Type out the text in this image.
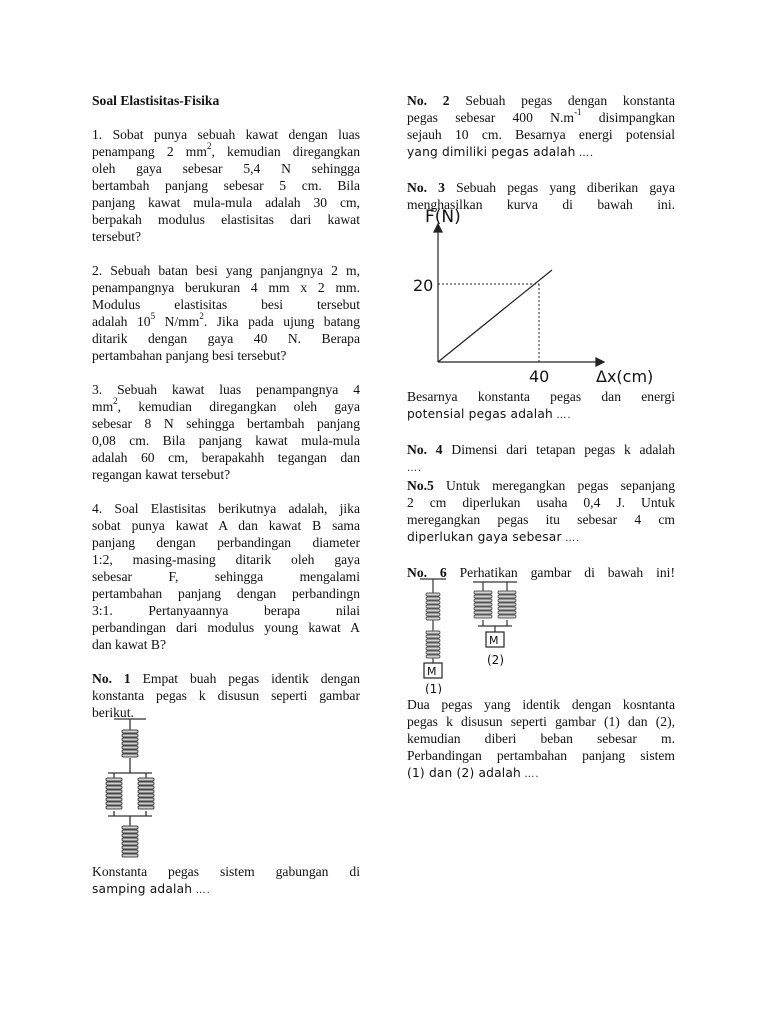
Soal Elastisitas-Fisika

1. Sobat punya sebuah kawat dengan luas

penampang 2 $mm^2$, kemudian diregangkan

oleh gaya sebesar 5,4 N sehingga

bertambah panjang sebesar 5 cm. Bila

panjang kawat mula-mula adalah 30 cm,

berpakah modulus elastisitas dari kawat

tersebut?

2. Sebuah batan besi yang panjangnya 2 m,

penampangnya berukuran 4 mm x 2 mm.

Modulus elastisitas besi tersebut

adalah $10^5$ $N/mm^2$. Jika pada ujung batang

ditarik dengan gaya 40 N. Berapa

pertambahan panjang besi tersebut?

3. Sebuah kawat luas penampangnya 4

$mm^2$, kemudian diregangkan oleh gaya

sebesar 8 N sehingga bertambah panjang

0,08 cm. Bila panjang kawat mula-mula

adalah 60 cm, berapakahh tegangan dan

regangan kawat tersebut?

4. Soal Elastisitas berikutnya adalah, jika

sobat punya kawat A dan kawat B sama

panjang dengan perbandingan diameter

1:2, masing-masing ditarik oleh gaya

sebesar F, sehingga mengalami

pertambahan panjang dengan perbandingn

3:1. Pertanyaannya berapa nilai

perbandingan dari modulus young kawat A

dan kawat B?

No. 1 Empat buah pegas identik dengan

konstanta pegas k disusun seperti gambar

berikut.

Konstanta pegas sistem gabungan di

samping adalah ….

No. 2 Sebuah pegas dengan konstanta

pegas sebesar 400 $N.m^{-1}$ disimpangkan

sejauh 10 cm. Besarnya energi potensial

yang dimiliki pegas adalah ….

No. 3 Sebuah pegas yang diberikan gaya

menghasilkan kurva di bawah ini.

F(N)
20
40	Δx(cm)

Besarnya konstanta pegas dan energi

potensial pegas adalah ….

No. 4 Dimensi dari tetapan pegas k adalah

….

No.5 Untuk meregangkan pegas sepanjang

2 cm diperlukan usaha 0,4 J. Untuk

meregangkan pegas itu sebesar 4 cm

diperlukan gaya sebesar ….

No. 6 Perhatikan gambar di bawah ini!

M
M
(1)
(2)

Dua pegas yang identik dengan kosntanta

pegas k disusun seperti gambar (1) dan (2),

kemudian diberi beban sebesar m.

Perbandingan pertambahan panjang sistem

(1) dan (2) adalah ….
